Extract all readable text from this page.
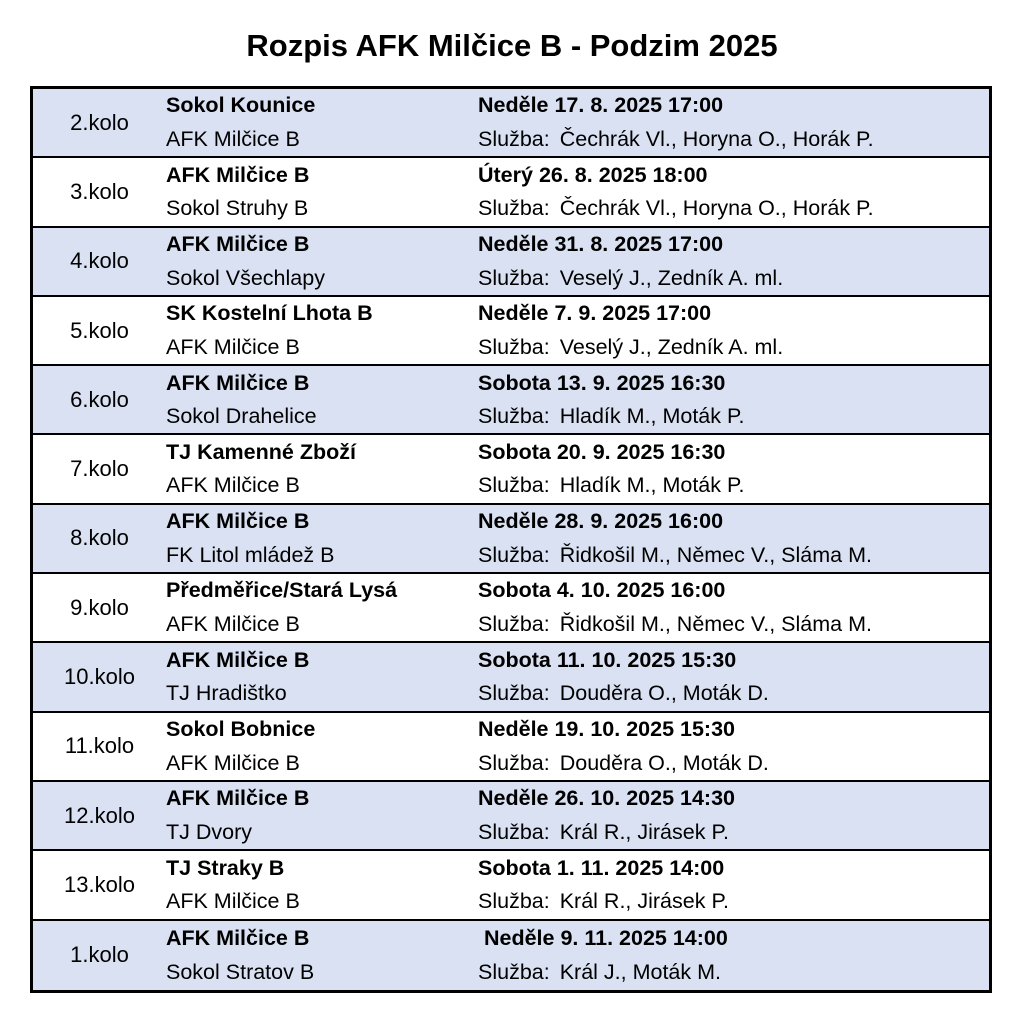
Rozpis AFK Milčice B - Podzim 2025
2.kolo
Sokol Kounice
AFK Milčice B
Neděle 17. 8. 2025 17:00
Služba: Čechrák Vl., Horyna O., Horák P.
3.kolo
AFK Milčice B
Sokol Struhy B
Úterý 26. 8. 2025 18:00
Služba: Čechrák Vl., Horyna O., Horák P.
4.kolo
AFK Milčice B
Sokol Všechlapy
Neděle 31. 8. 2025 17:00
Služba: Veselý J., Zedník A. ml.
5.kolo
SK Kostelní Lhota B
AFK Milčice B
Neděle 7. 9. 2025 17:00
Služba: Veselý J., Zedník A. ml.
6.kolo
AFK Milčice B
Sokol Drahelice
Sobota 13. 9. 2025 16:30
Služba: Hladík M., Moták P.
7.kolo
TJ Kamenné Zboží
AFK Milčice B
Sobota 20. 9. 2025 16:30
Služba: Hladík M., Moták P.
8.kolo
AFK Milčice B
FK Litol mládež B
Neděle 28. 9. 2025 16:00
Služba: Řidkošil M., Němec V., Sláma M.
9.kolo
Předměřice/Stará Lysá
AFK Milčice B
Sobota 4. 10. 2025 16:00
Služba: Řidkošil M., Němec V., Sláma M.
10.kolo
AFK Milčice B
TJ Hradištko
Sobota 11. 10. 2025 15:30
Služba: Douděra O., Moták D.
11.kolo
Sokol Bobnice
AFK Milčice B
Neděle 19. 10. 2025 15:30
Služba: Douděra O., Moták D.
12.kolo
AFK Milčice B
TJ Dvory
Neděle 26. 10. 2025 14:30
Služba: Král R., Jirásek P.
13.kolo
TJ Straky B
AFK Milčice B
Sobota 1. 11. 2025 14:00
Služba: Král R., Jirásek P.
1.kolo
AFK Milčice B
Sokol Stratov B
Neděle 9. 11. 2025 14:00
Služba: Král J., Moták M.
